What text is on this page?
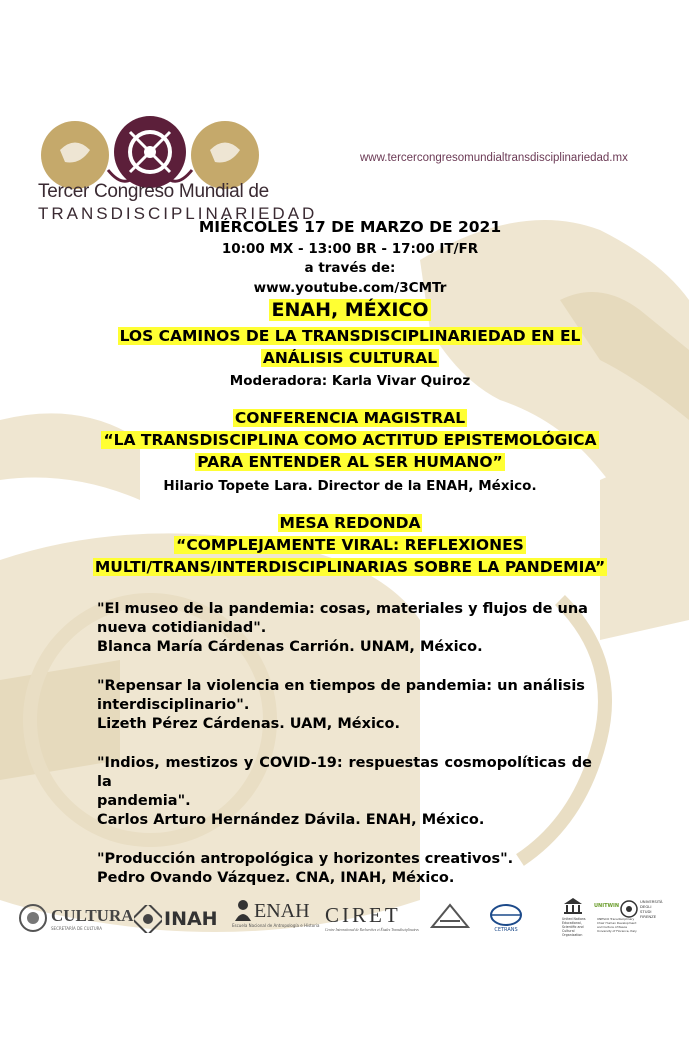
Tercer Congreso Mundial de
TRANSDISCIPLINARIEDAD
www.tercercongresomundialtransdisciplinariedad.mx
MIÉRCOLES 17 DE MARZO DE 2021
10:00 MX - 13:00 BR - 17:00 IT/FR
a través de:
www.youtube.com/3CMTr
ENAH, MÉXICO
LOS CAMINOS DE LA TRANSDISCIPLINARIEDAD EN EL
ANÁLISIS CULTURAL
Moderadora: Karla Vivar Quiroz
CONFERENCIA MAGISTRAL
“LA TRANSDISCIPLINA COMO ACTITUD EPISTEMOLÓGICA
PARA ENTENDER AL SER HUMANO”
Hilario Topete Lara. Director de la ENAH, México.
MESA REDONDA
“COMPLEJAMENTE VIRAL: REFLEXIONES
MULTI/TRANS/INTERDISCIPLINARIAS SOBRE LA PANDEMIA”
"El museo de la pandemia: cosas, materiales y flujos de una
nueva cotidianidad".
Blanca María Cárdenas Carrión. UNAM, México.
"Repensar la violencia en tiempos de pandemia: un análisis
interdisciplinario".
Lizeth Pérez Cárdenas. UAM, México.
"Indios, mestizos y COVID-19: respuestas cosmopolíticas de la
pandemia".
Carlos Arturo Hernández Dávila. ENAH, México.
"Producción antropológica y horizontes creativos".
Pedro Ovando Vázquez. CNA, INAH, México.
CULTURA
SECRETARÍA DE CULTURA	INAH ENAH
Escuela Nacional de Antropología e Historia CIRET
Centre International de Recherches et Études Transdisciplinaires	CETRANS
UNITWIN
United Nations Educational, Scientific and Cultural Organization
UNESCO Transdisciplinary Chair Human Development and Culture of Peace University of Florence, Italy
UNIVERSITÀ DEGLI STUDI FIRENZE
